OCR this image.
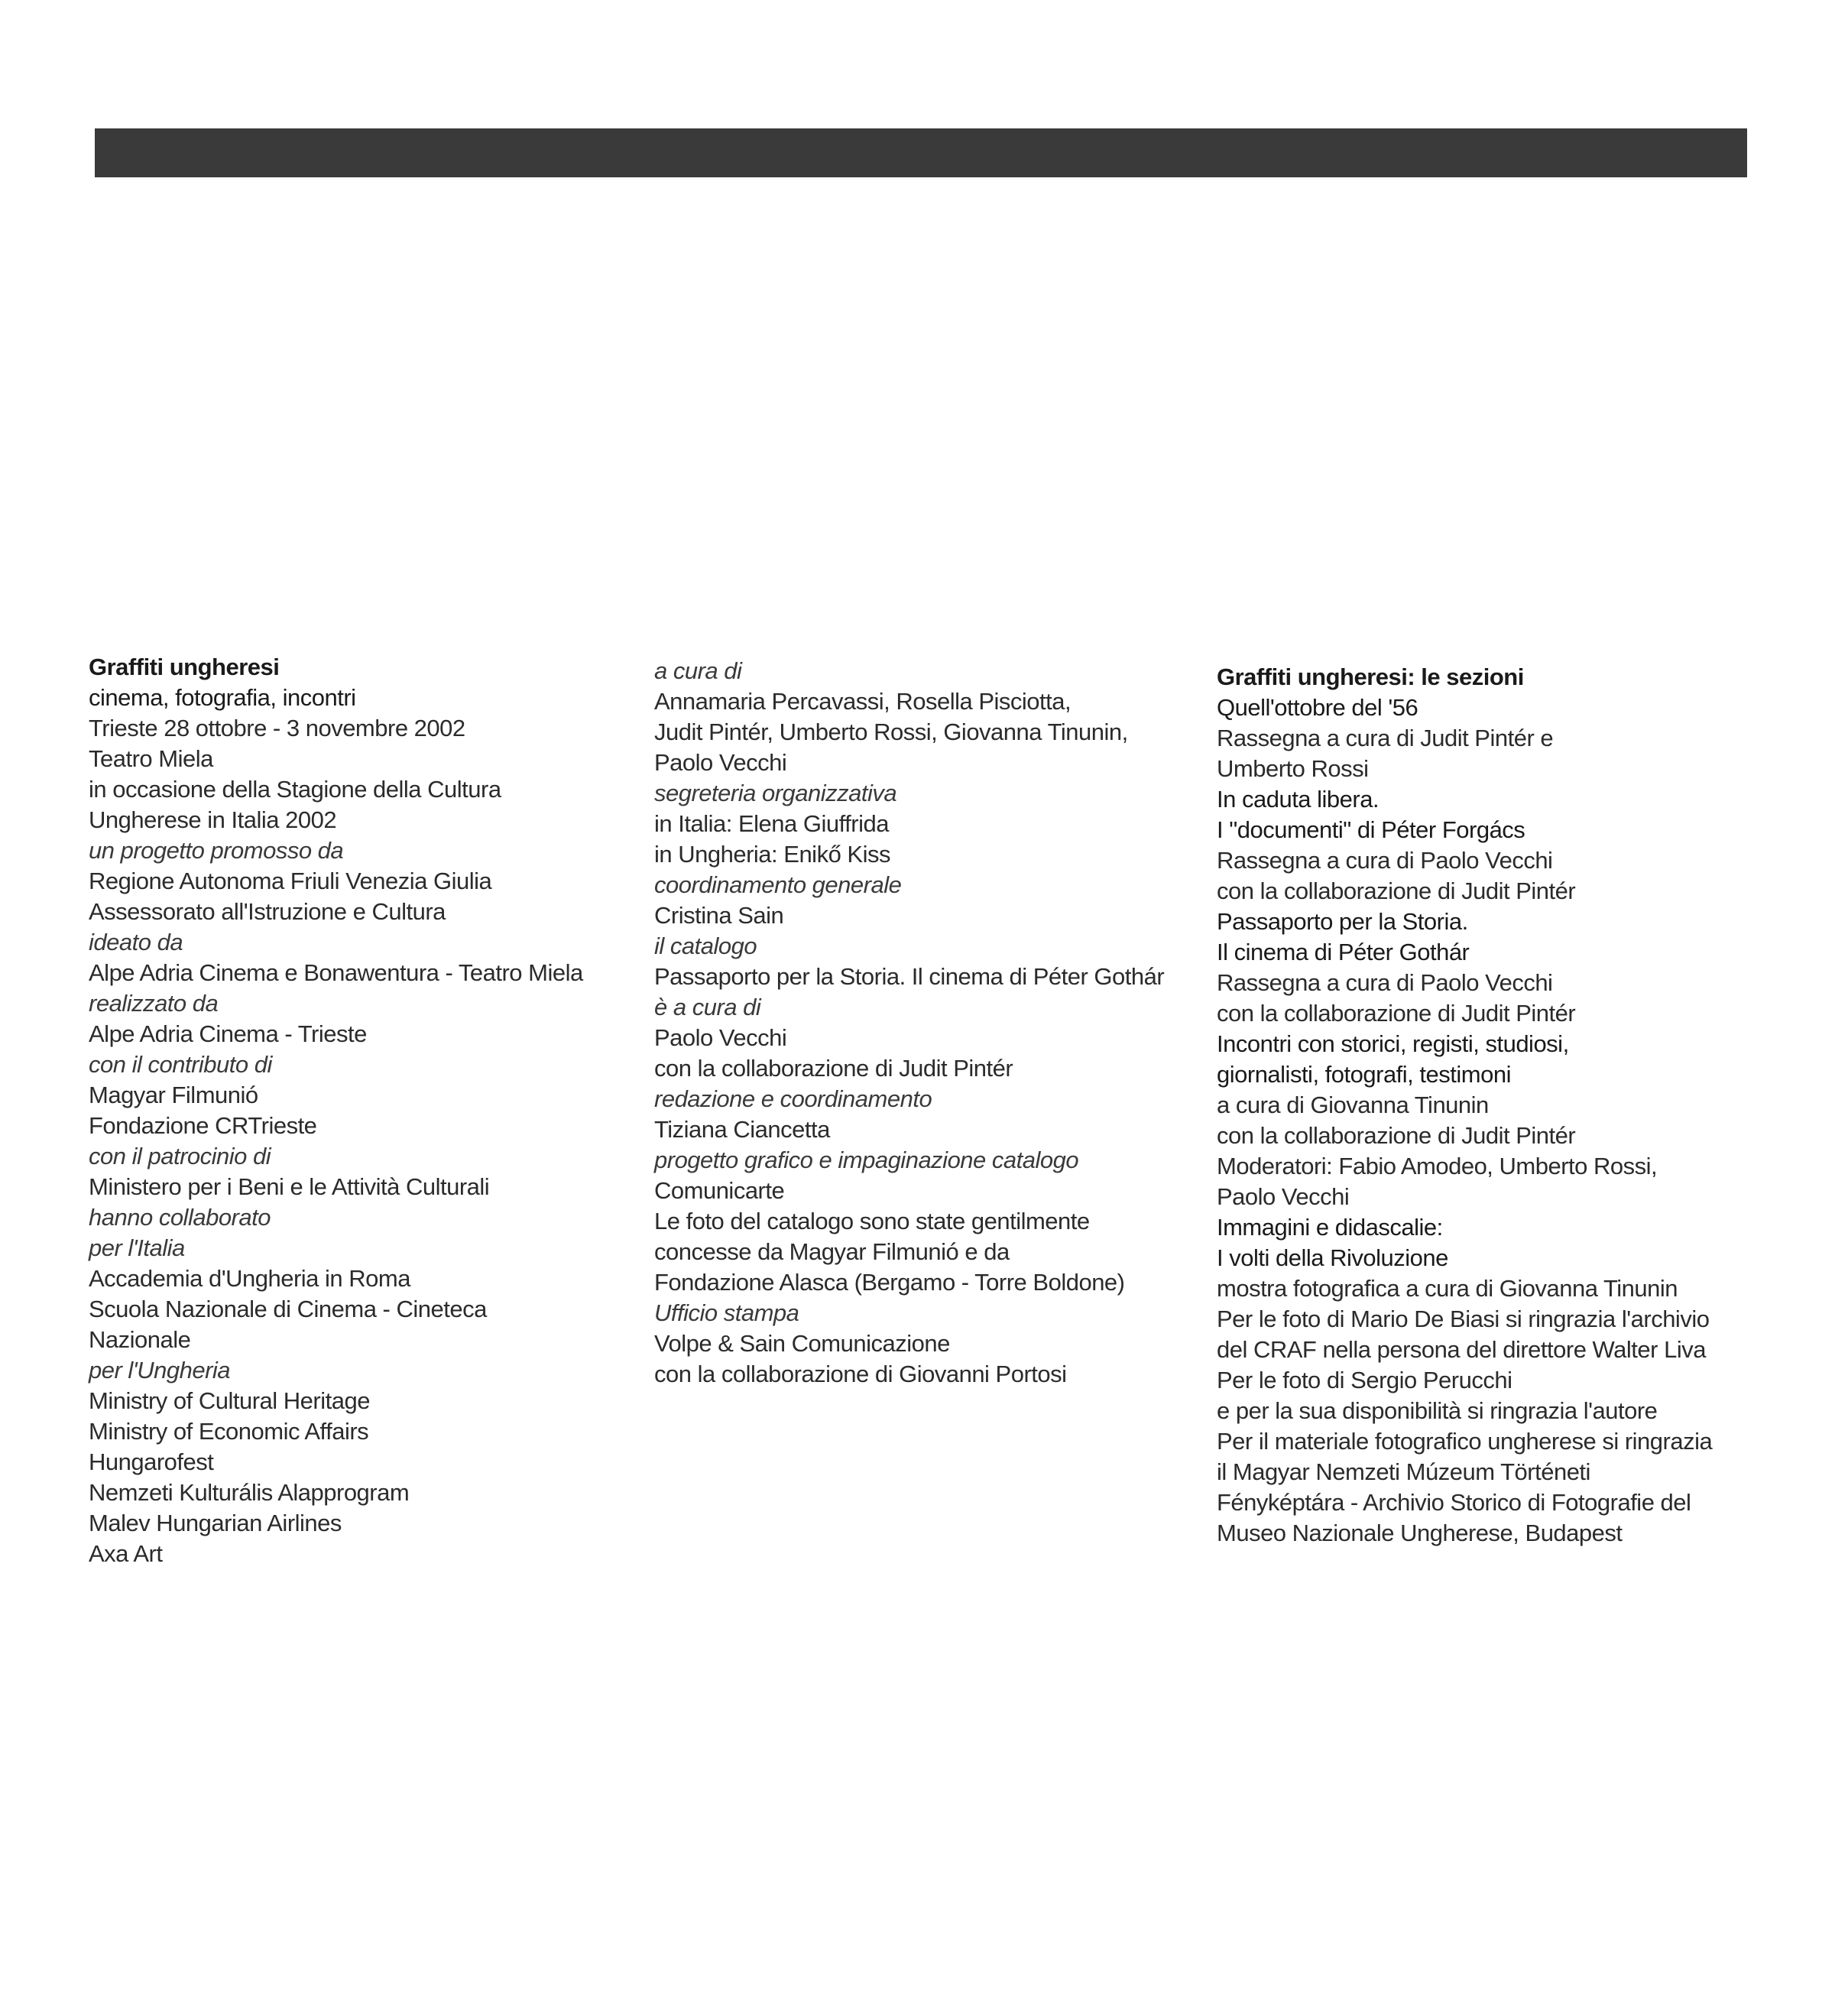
Graffiti ungheresi
cinema, fotografia, incontri
Trieste 28 ottobre - 3 novembre 2002
Teatro Miela
in occasione della Stagione della Cultura
Ungherese in Italia 2002
un progetto promosso da
Regione Autonoma Friuli Venezia Giulia
Assessorato all'Istruzione e Cultura
ideato da
Alpe Adria Cinema e Bonawentura - Teatro Miela
realizzato da
Alpe Adria Cinema - Trieste
con il contributo di
Magyar Filmunió
Fondazione CRTrieste
con il patrocinio di
Ministero per i Beni e le Attività Culturali
hanno collaborato
per l'Italia
Accademia d'Ungheria in Roma
Scuola Nazionale di Cinema - Cineteca
Nazionale
per l'Ungheria
Ministry of Cultural Heritage
Ministry of Economic Affairs
Hungarofest
Nemzeti Kulturális Alapprogram
Malev Hungarian Airlines
Axa Art
a cura di
Annamaria Percavassi, Rosella Pisciotta,
Judit Pintér, Umberto Rossi, Giovanna Tinunin,
Paolo Vecchi
segreteria organizzativa
in Italia: Elena Giuffrida
in Ungheria: Enikő Kiss
coordinamento generale
Cristina Sain
il catalogo
Passaporto per la Storia. Il cinema di Péter Gothár
è a cura di
Paolo Vecchi
con la collaborazione di Judit Pintér
redazione e coordinamento
Tiziana Ciancetta
progetto grafico e impaginazione catalogo
Comunicarte
Le foto del catalogo sono state gentilmente
concesse da Magyar Filmunió e da
Fondazione Alasca (Bergamo - Torre Boldone)
Ufficio stampa
Volpe & Sain Comunicazione
con la collaborazione di Giovanni Portosi
Graffiti ungheresi: le sezioni
Quell'ottobre del '56
Rassegna a cura di Judit Pintér e
Umberto Rossi
In caduta libera.
I "documenti" di Péter Forgács
Rassegna a cura di Paolo Vecchi
con la collaborazione di Judit Pintér
Passaporto per la Storia.
Il cinema di Péter Gothár
Rassegna a cura di Paolo Vecchi
con la collaborazione di Judit Pintér
Incontri con storici, registi, studiosi,
giornalisti, fotografi, testimoni
a cura di Giovanna Tinunin
con la collaborazione di Judit Pintér
Moderatori: Fabio Amodeo, Umberto Rossi,
Paolo Vecchi
Immagini e didascalie:
I volti della Rivoluzione
mostra fotografica a cura di Giovanna Tinunin
Per le foto di Mario De Biasi si ringrazia l'archivio
del CRAF nella persona del direttore Walter Liva
Per le foto di Sergio Perucchi
e per la sua disponibilità si ringrazia l'autore
Per il materiale fotografico ungherese si ringrazia
il Magyar Nemzeti Múzeum Történeti
Fényképtára - Archivio Storico di Fotografie del
Museo Nazionale Ungherese, Budapest
